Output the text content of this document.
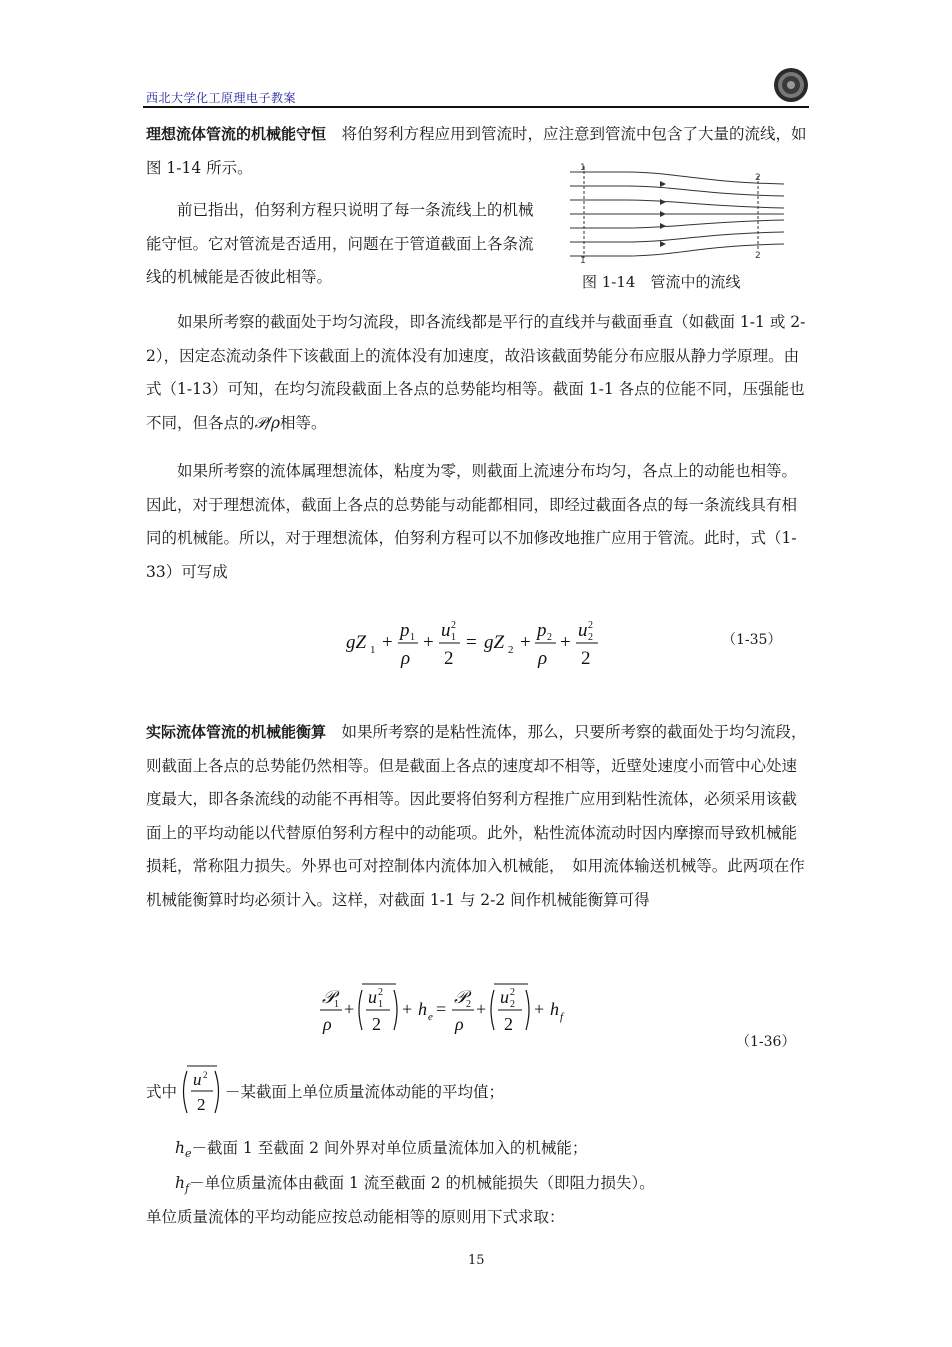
西北大学化工原理电子教案

理想流体管流的机械能守恒　将伯努利方程应用到管流时，应注意到管流中包含了大量的流线，如图 1-14 所示。

前已指出，伯努利方程只说明了每一条流线上的机械能守恒。它对管流是否适用，问题在于管道截面上各条流线的机械能是否彼此相等。

1
2
1	2
图 1-14　管流中的流线

如果所考察的截面处于均匀流段，即各流线都是平行的直线并与截面垂直（如截面 1-1 或 2-2），因定态流动条件下该截面上的流体没有加速度，故沿该截面势能分布应服从静力学原理。由式（1-13）可知，在均匀流段截面上各点的总势能均相等。截面 1-1 各点的位能不同，压强能也不同，但各点的𝒫/ρ相等。

如果所考察的流体属理想流体，粘度为零，则截面上流速分布均匀，各点上的动能也相等。因此，对于理想流体，截面上各点的总势能与动能都相同，即经过截面各点的每一条流线具有相同的机械能。所以，对于理想流体，伯努利方程可以不加修改地推广应用于管流。此时，式（1-33）可写成

gZ 1 +
p 1
ρ
+
u 2
1
2
= gZ 2 +
p 2
ρ
+
u 2
2
2
（1-35）

实际流体管流的机械能衡算　如果所考察的是粘性流体，那么，只要所考察的截面处于均匀流段，则截面上各点的总势能仍然相等。但是截面上各点的速度却不相等，近壁处速度小而管中心处速度最大，即各条流线的动能不再相等。因此要将伯努利方程推广应用到粘性流体，必须采用该截面上的平均动能以代替原伯努利方程中的动能项。此外，粘性流体流动时因内摩擦而导致机械能损耗，常称阻力损失。外界也可对控制体内流体加入机械能，　如用流体输送机械等。此两项在作机械能衡算时均必须计入。这样，对截面 1-1 与 2-2 间作机械能衡算可得

𝒫 1
ρ
+
u 2
1
2
+ h e =
𝒫 2
ρ
+
u 2
2
2
+ h f
（1-36）
式中
u 2
2
－某截面上单位质量流体动能的平均值；

$h_e-$截面 1 至截面 2 间外界对单位质量流体加入的机械能；

$h_f-$单位质量流体由截面 1 流至截面 2 的机械能损失（即阻力损失）。

单位质量流体的平均动能应按总动能相等的原则用下式求取：

15
